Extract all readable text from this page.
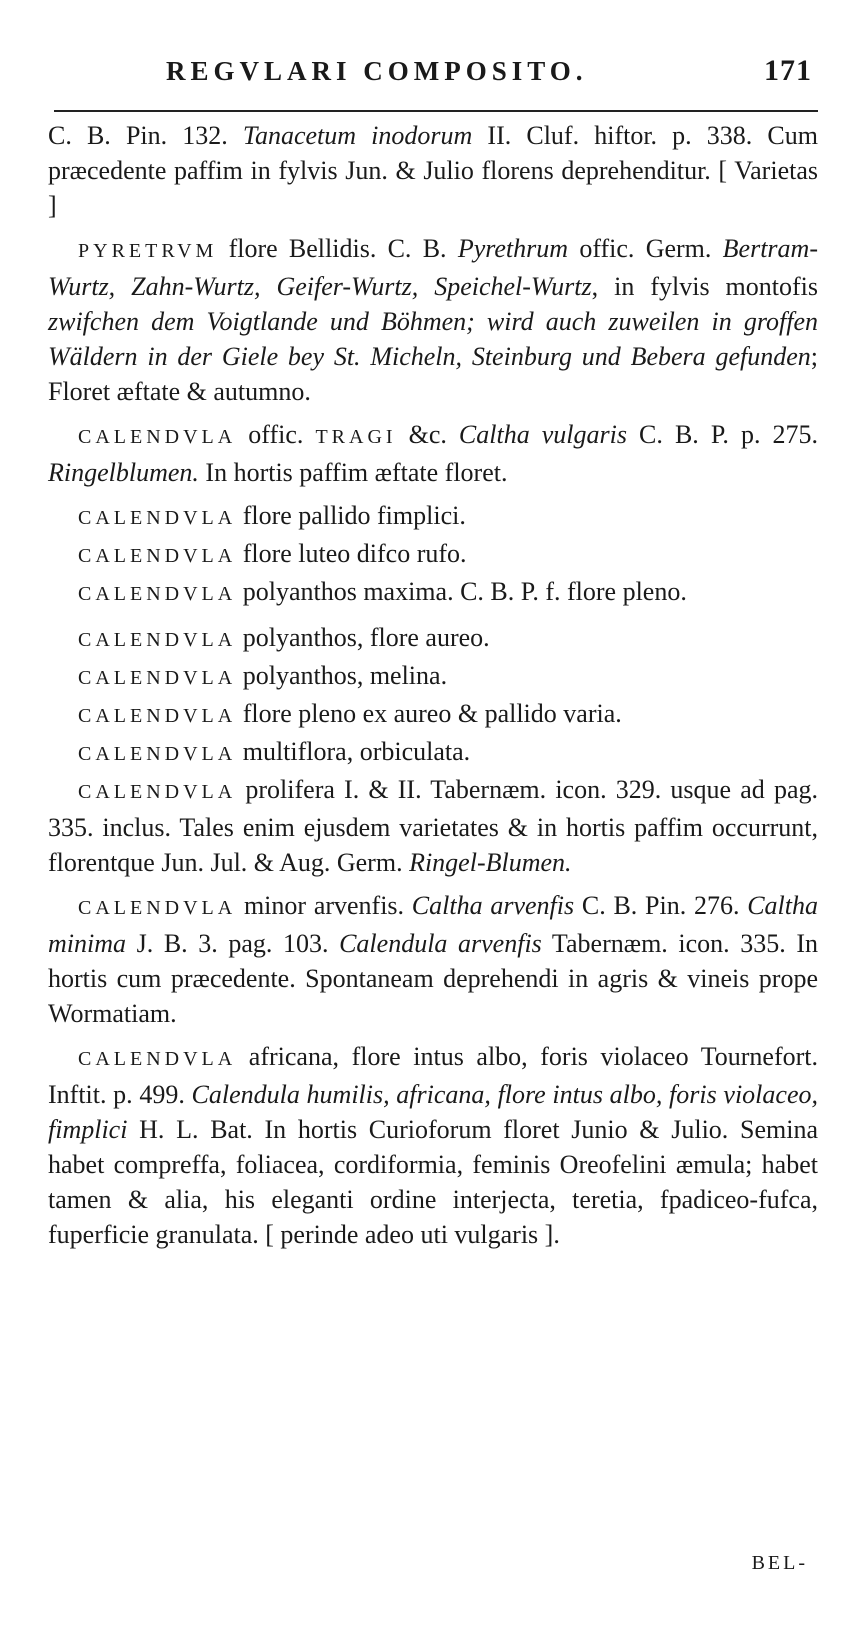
REGVLARI COMPOSITO.	171

C. B. Pin. 132. Tanacetum inodorum II. Cluf. hiftor. p. 338. Cum præcedente paffim in fylvis Jun. & Julio florens deprehenditur. [ Varietas ]

PYRETRVM flore Bellidis. C. B. Pyrethrum offic. Germ. Bertram-Wurtz, Zahn-Wurtz, Geifer-Wurtz, Speichel-Wurtz, in fylvis montofis zwifchen dem Voigtlande und Böhmen; wird auch zuweilen in groffen Wäldern in der Giele bey St. Micheln, Steinburg und Bebera gefunden; Floret æftate & autumno.

CALENDVLA offic. TRAGI &c. Caltha vulgaris C. B. P. p. 275. Ringelblumen. In hortis paffim æftate floret.

CALENDVLA flore pallido fimplici.

CALENDVLA flore luteo difco rufo.

CALENDVLA polyanthos maxima. C. B. P. f. flore pleno.

CALENDVLA polyanthos, flore aureo.

CALENDVLA polyanthos, melina.

CALENDVLA flore pleno ex aureo & pallido varia.

CALENDVLA multiflora, orbiculata.

CALENDVLA prolifera I. & II. Tabernæm. icon. 329. usque ad pag. 335. inclus. Tales enim ejusdem varietates & in hortis paffim occurrunt, florentque Jun. Jul. & Aug. Germ. Ringel-Blumen.

CALENDVLA minor arvenfis. Caltha arvenfis C. B. Pin. 276. Caltha minima J. B. 3. pag. 103. Calendula arvenfis Tabernæm. icon. 335. In hortis cum præcedente. Spontaneam deprehendi in agris & vineis prope Wormatiam.

CALENDVLA africana, flore intus albo, foris violaceo Tournefort. Inftit. p. 499. Calendula humilis, africana, flore intus albo, foris violaceo, fimplici H. L. Bat. In hortis Curioforum floret Junio & Julio. Semina habet compreffa, foliacea, cordiformia, feminis Oreofelini æmula; habet tamen & alia, his eleganti ordine interjecta, teretia, fpadiceo-fufca, fuperficie granulata. [ perinde adeo uti vulgaris ].

BEL-
